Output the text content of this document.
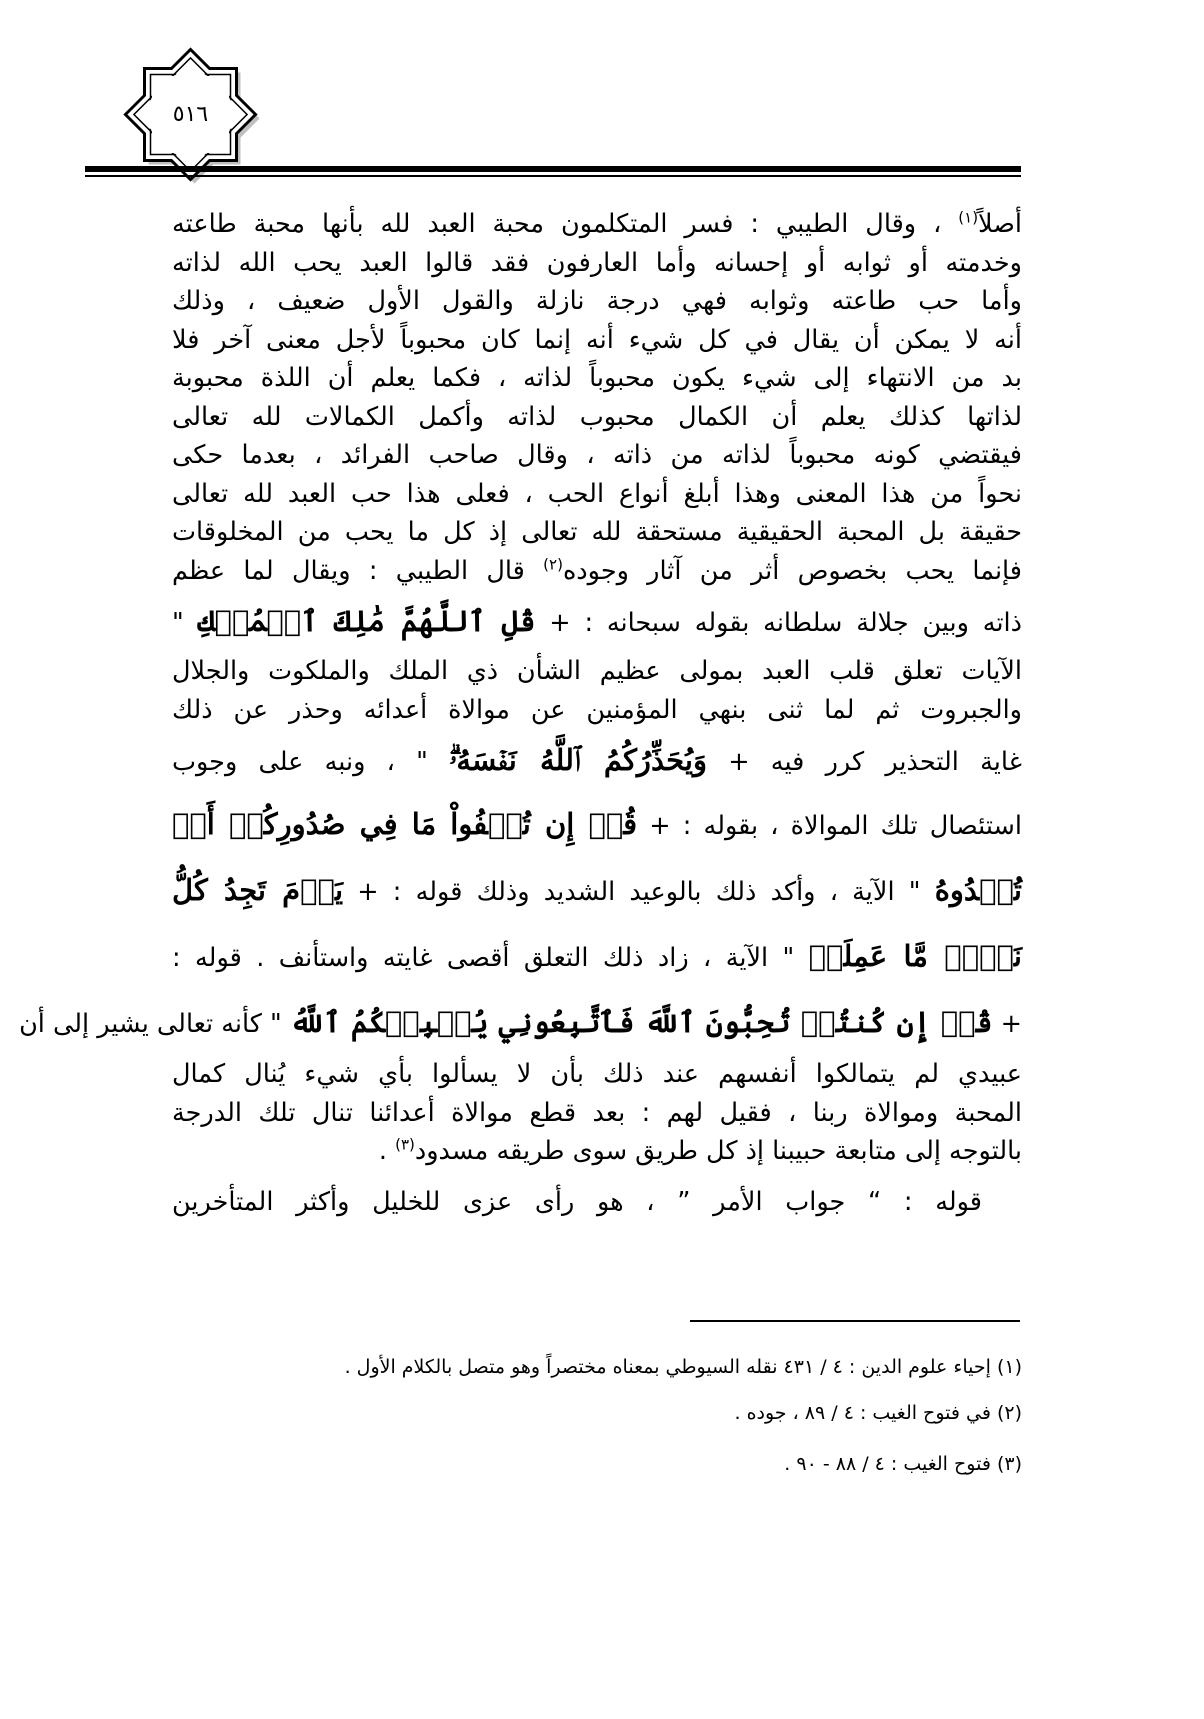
٥١٦

أصلاً$^{(١)}$ ، وقال الطيبي : فسر المتكلمون محبة العبد لله بأنها محبة طاعته

وخدمته أو ثوابه أو إحسانه وأما العارفون فقد قالوا العبد يحب الله لذاته

وأما حب طاعته وثوابه فهي درجة نازلة والقول الأول ضعيف ، وذلك

أنه لا يمكن أن يقال في كل شيء أنه إنما كان محبوباً لأجل معنى آخر فلا

بد من الانتهاء إلى شيء يكون محبوباً لذاته ، فكما يعلم أن اللذة محبوبة

لذاتها كذلك يعلم أن الكمال محبوب لذاته وأكمل الكمالات لله تعالى

فيقتضي كونه محبوباً لذاته من ذاته ، وقال صاحب الفرائد ، بعدما حكى

نحواً من هذا المعنى وهذا أبلغ أنواع الحب ، فعلى هذا حب العبد لله تعالى

حقيقة بل المحبة الحقيقية مستحقة لله تعالى إذ كل ما يحب من المخلوقات

فإنما يحب بخصوص أثر من آثار وجوده$^{(٢)}$ قال الطيبي : ويقال لما عظم

ذاته وبين جلالة سلطانه بقوله سبحانه : + قُلِ ٱللَّهُمَّ مَٰلِكَ ٱلۡمُلۡكِ "

الآيات تعلق قلب العبد بمولى عظيم الشأن ذي الملك والملكوت والجلال

والجبروت ثم لما ثنى بنهي المؤمنين عن موالاة أعدائه وحذر عن ذلك

غاية التحذير كرر فيه + وَيُحَذِّرُكُمُ ٱللَّهُ نَفۡسَهُۥۗ " ، ونبه على وجوب

استئصال تلك الموالاة ، بقوله : + قُلۡ إِن تُخۡفُواْ مَا فِي صُدُورِكُمۡ أَوۡ

تُبۡدُوهُ " الآية ، وأكد ذلك بالوعيد الشديد وذلك قوله : + يَوۡمَ تَجِدُ كُلُّ

نَفۡسٖ مَّا عَمِلَتۡ " الآية ، زاد ذلك التعلق أقصى غايته واستأنف . قوله :

+ قُلۡ إِن كُنتُمۡ تُحِبُّونَ ٱللَّهَ فَٱتَّبِعُونِي يُحۡبِبۡكُمُ ٱللَّهُ " كأنه تعالى يشير إلى أن

عبيدي لم يتمالكوا أنفسهم عند ذلك بأن لا يسألوا بأي شيء يُنال كمال

المحبة وموالاة ربنا ، فقيل لهم : بعد قطع موالاة أعدائنا تنال تلك الدرجة

بالتوجه إلى متابعة حبيبنا إذ كل طريق سوى طريقه مسدود$^{(٣)}$ .

قوله : “ جواب الأمر ” ، هو رأى عزى للخليل وأكثر المتأخرين

(١) إحياء علوم الدين : ٤ / ٤٣١ نقله السيوطي بمعناه مختصراً وهو متصل بالكلام الأول .

(٢) في فتوح الغيب : ٤ / ٨٩ ، جوده .

(٣) فتوح الغيب : ٤ / ٨٨ - ٩٠ .
